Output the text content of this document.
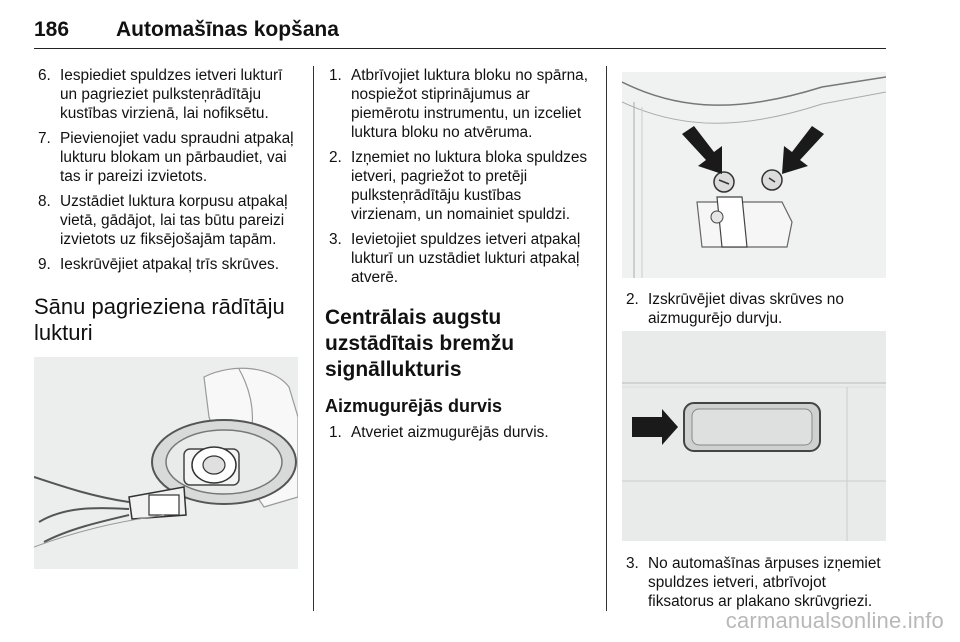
186 Automašīnas kopšana
6. Iespiediet spuldzes ietveri lukturī un pagrieziet pulksteņrādītāju kustības virzienā, lai nofiksētu.
7. Pievienojiet vadu spraudni atpakaļ lukturu blokam un pārbaudiet, vai tas ir pareizi izvietots.
8. Uzstādiet luktura korpusu atpakaļ vietā, gādājot, lai tas būtu pareizi izvietots uz fiksējošajām tapām.
9. Ieskrūvējiet atpakaļ trīs skrūves.
Sānu pagrieziena rādītāju lukturi
1. Atbrīvojiet luktura bloku no spārna, nospiežot stiprinājumus ar piemērotu instrumentu, un izceliet luktura bloku no atvēruma.
2. Izņemiet no luktura bloka spuldzes ietveri, pagriežot to pretēji pulksteņrādītāju kustības virzienam, un nomainiet spuldzi.
3. Ievietojiet spuldzes ietveri atpakaļ lukturī un uzstādiet lukturi atpakaļ atverē.
Centrālais augstu uzstādītais bremžu signāllukturis
Aizmugurējās durvis
1. Atveriet aizmugurējās durvis.
2. Izskrūvējiet divas skrūves no aizmugurējo durvju.
3. No automašīnas ārpuses izņemiet spuldzes ietveri, atbrīvojot fiksatorus ar plakano skrūvgriezi.
carmanualsonline.info
